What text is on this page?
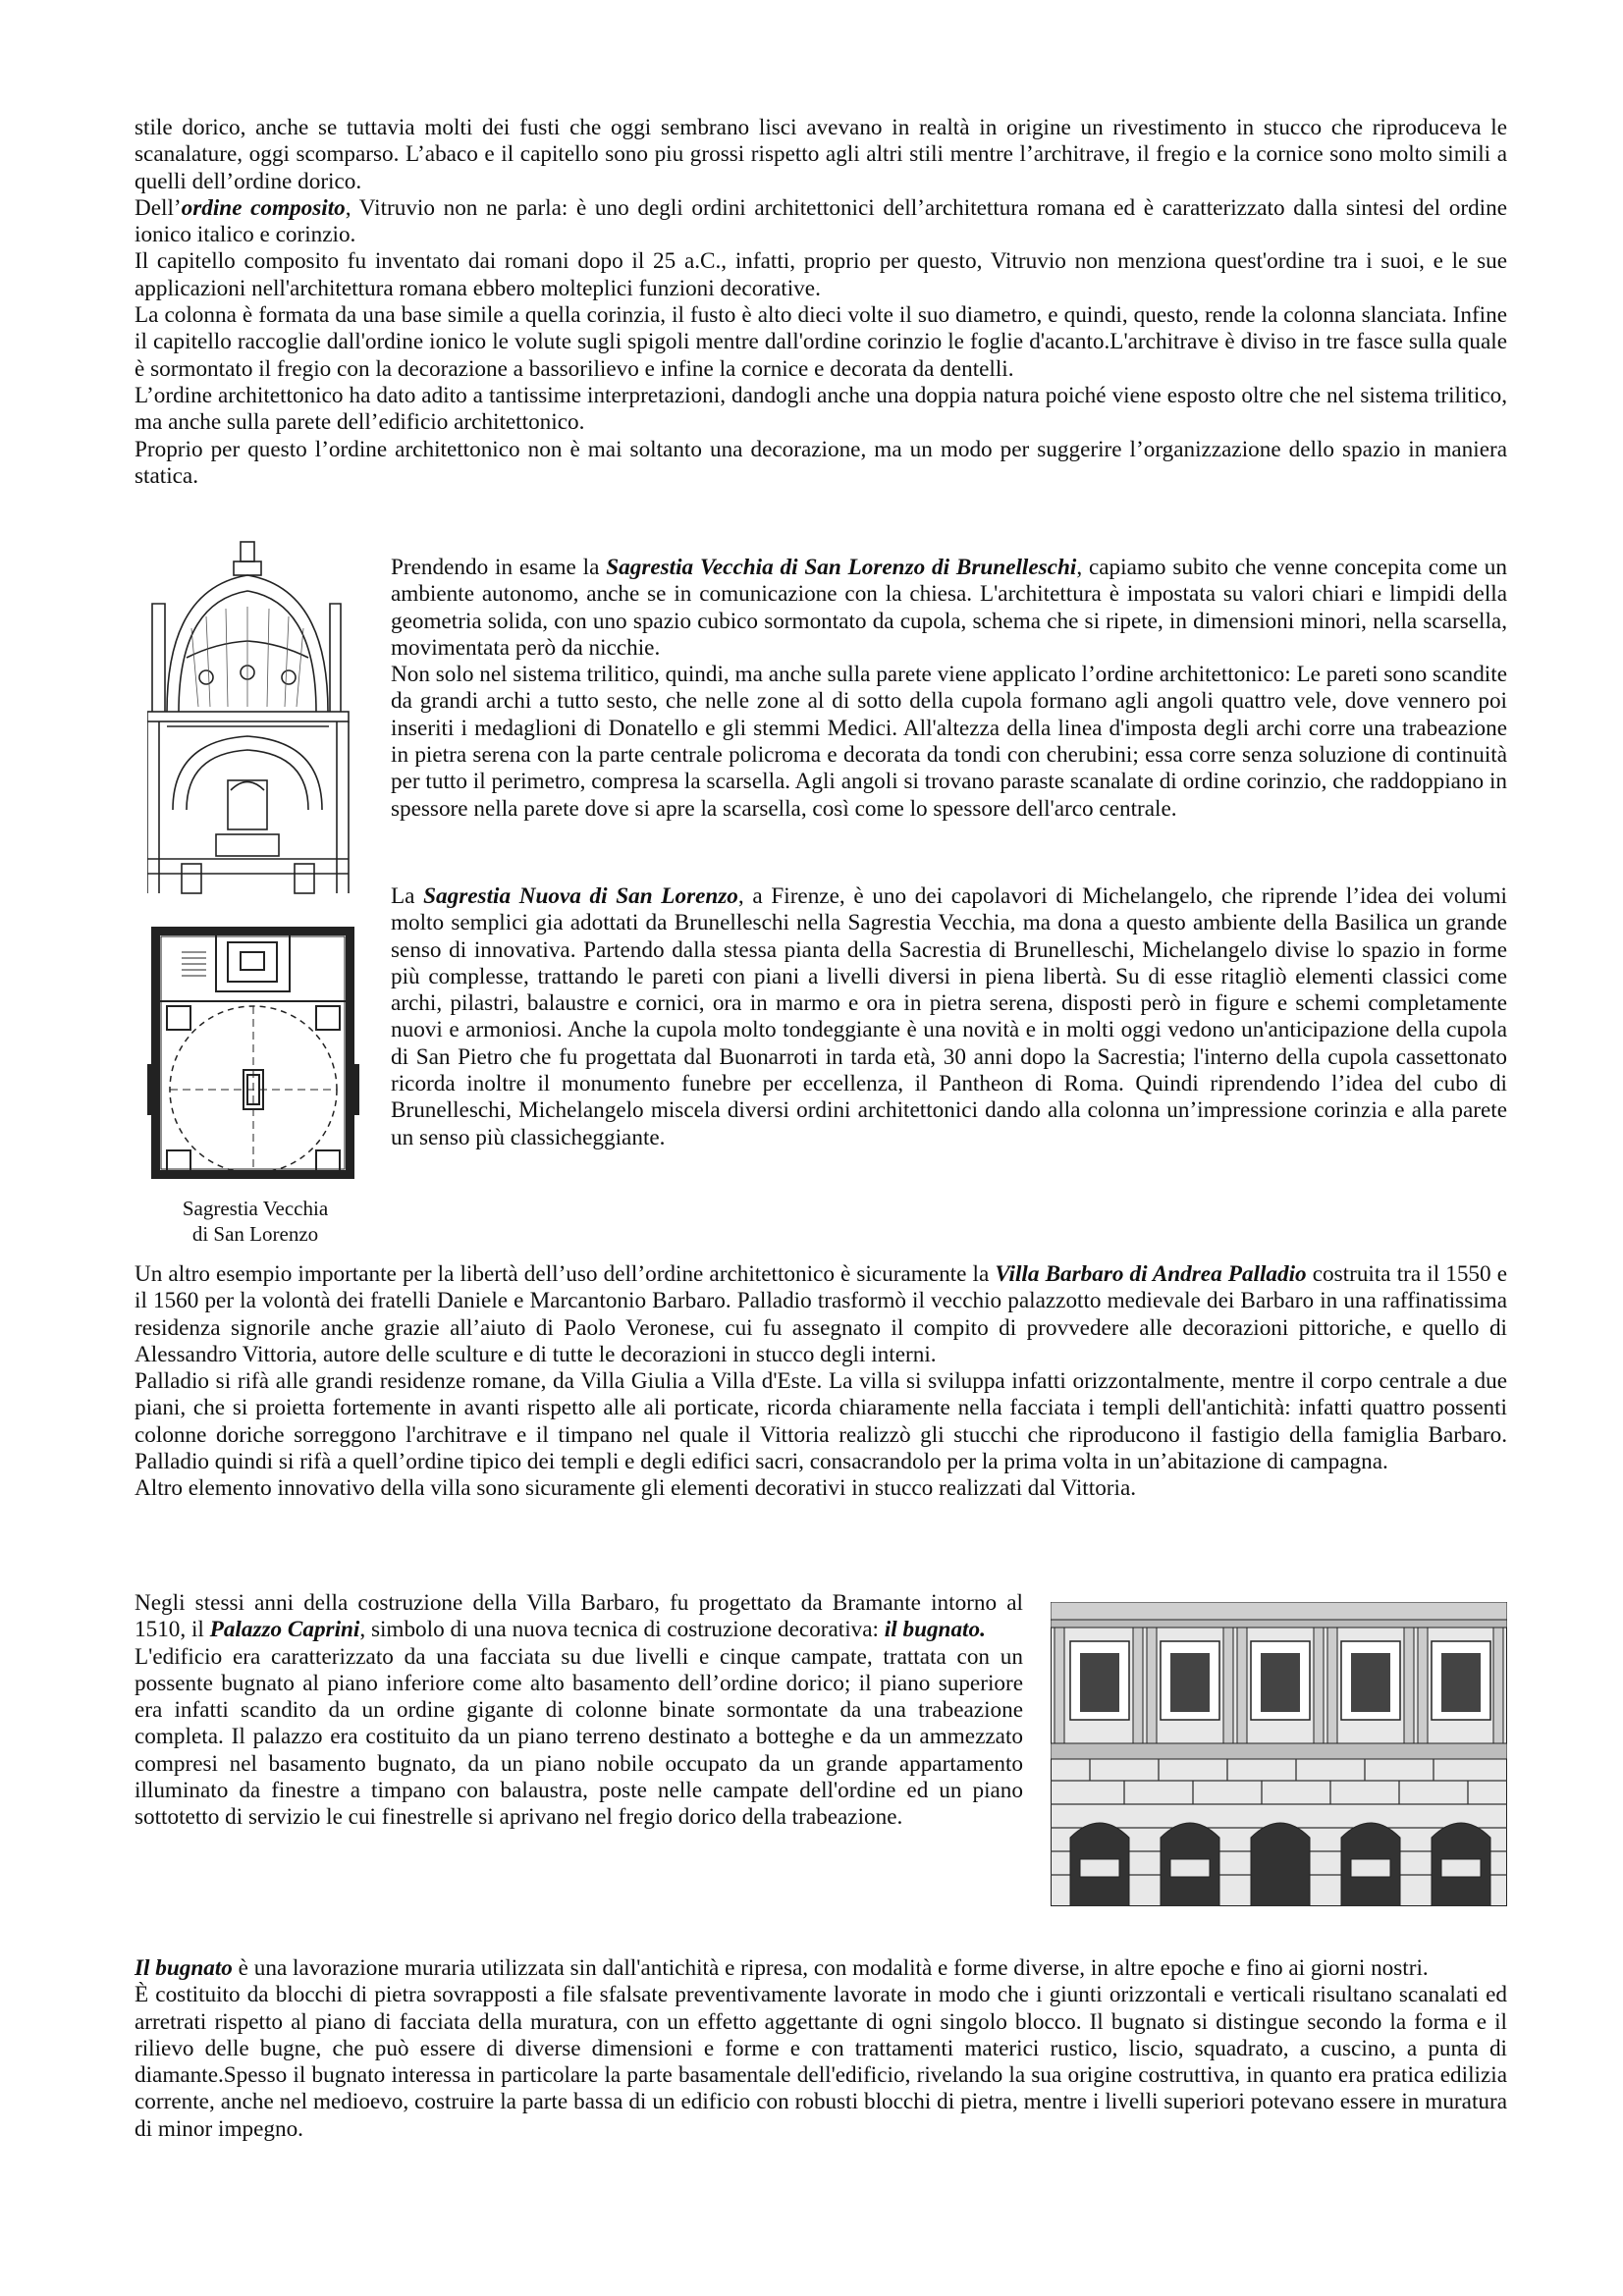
stile dorico, anche se tuttavia molti dei fusti che oggi sembrano lisci avevano in realtà in origine un rivestimento in stucco che riproduceva le scanalature, oggi scomparso. L’abaco e il capitello sono piu grossi rispetto agli altri stili mentre l’architrave, il fregio e la cornice sono molto simili a quelli dell’ordine dorico.

Dell’ordine composito, Vitruvio non ne parla: è uno degli ordini architettonici dell’architettura romana ed è caratterizzato dalla sintesi del ordine ionico italico e corinzio.

Il capitello composito fu inventato dai romani dopo il 25 a.C., infatti, proprio per questo, Vitruvio non menziona quest'ordine tra i suoi, e le sue applicazioni nell'architettura romana ebbero molteplici funzioni decorative.

La colonna è formata da una base simile a quella corinzia, il fusto è alto dieci volte il suo diametro, e quindi, questo, rende la colonna slanciata. Infine il capitello raccoglie dall'ordine ionico le volute sugli spigoli mentre dall'ordine corinzio le foglie d'acanto.L'architrave è diviso in tre fasce sulla quale è sormontato il fregio con la decorazione a bassorilievo e infine la cornice e decorata da dentelli.

L’ordine architettonico ha dato adito a tantissime interpretazioni, dandogli anche una doppia natura poiché viene esposto oltre che nel sistema trilitico, ma anche sulla parete dell’edificio architettonico.

Proprio per questo l’ordine architettonico non è mai soltanto una decorazione, ma un modo per suggerire l’organizzazione dello spazio in maniera statica.

Sagrestia Vecchia
di San Lorenzo

Prendendo in esame la Sagrestia Vecchia di San Lorenzo di Brunelleschi, capiamo subito che venne concepita come un ambiente autonomo, anche se in comunicazione con la chiesa. L'architettura è impostata su valori chiari e limpidi della geometria solida, con uno spazio cubico sormontato da cupola, schema che si ripete, in dimensioni minori, nella scarsella, movimentata però da nicchie.

Non solo nel sistema trilitico, quindi, ma anche sulla parete viene applicato l’ordine architettonico: Le pareti sono scandite da grandi archi a tutto sesto, che nelle zone al di sotto della cupola formano agli angoli quattro vele, dove vennero poi inseriti i medaglioni di Donatello e gli stemmi Medici. All'altezza della linea d'imposta degli archi corre una trabeazione in pietra serena con la parte centrale policroma e decorata da tondi con cherubini; essa corre senza soluzione di continuità per tutto il perimetro, compresa la scarsella. Agli angoli si trovano paraste scanalate di ordine corinzio, che raddoppiano in spessore nella parete dove si apre la scarsella, così come lo spessore dell'arco centrale.

La Sagrestia Nuova di San Lorenzo, a Firenze, è uno dei capolavori di Michelangelo, che riprende l’idea dei volumi molto semplici gia adottati da Brunelleschi nella Sagrestia Vecchia, ma dona a questo ambiente della Basilica un grande senso di innovativa. Partendo dalla stessa pianta della Sacrestia di Brunelleschi, Michelangelo divise lo spazio in forme più complesse, trattando le pareti con piani a livelli diversi in piena libertà. Su di esse ritagliò elementi classici come archi, pilastri, balaustre e cornici, ora in marmo e ora in pietra serena, disposti però in figure e schemi completamente nuovi e armoniosi. Anche la cupola molto tondeggiante è una novità e in molti oggi vedono un'anticipazione della cupola di San Pietro che fu progettata dal Buonarroti in tarda età, 30 anni dopo la Sacrestia; l'interno della cupola cassettonato ricorda inoltre il monumento funebre per eccellenza, il Pantheon di Roma. Quindi riprendendo l’idea del cubo di Brunelleschi, Michelangelo miscela diversi ordini architettonici dando alla colonna un’impressione corinzia e alla parete un senso più classicheggiante.

Un altro esempio importante per la libertà dell’uso dell’ordine architettonico è sicuramente la Villa Barbaro di Andrea Palladio costruita tra il 1550 e il 1560 per la volontà dei fratelli Daniele e Marcantonio Barbaro. Palladio trasformò il vecchio palazzotto medievale dei Barbaro in una raffinatissima residenza signorile anche grazie all’aiuto di Paolo Veronese, cui fu assegnato il compito di provvedere alle decorazioni pittoriche, e quello di Alessandro Vittoria, autore delle sculture e di tutte le decorazioni in stucco degli interni.

Palladio si rifà alle grandi residenze romane, da Villa Giulia a Villa d'Este. La villa si sviluppa infatti orizzontalmente, mentre il corpo centrale a due piani, che si proietta fortemente in avanti rispetto alle ali porticate, ricorda chiaramente nella facciata i templi dell'antichità: infatti quattro possenti colonne doriche sorreggono l'architrave e il timpano nel quale il Vittoria realizzò gli stucchi che riproducono il fastigio della famiglia Barbaro. Palladio quindi si rifà a quell’ordine tipico dei templi e degli edifici sacri, consacrandolo per la prima volta in un’abitazione di campagna.

Altro elemento innovativo della villa sono sicuramente gli elementi decorativi in stucco realizzati dal Vittoria.

Negli stessi anni della costruzione della Villa Barbaro, fu progettato da Bramante intorno al 1510, il Palazzo Caprini, simbolo di una nuova tecnica di costruzione decorativa: il bugnato.

L'edificio era caratterizzato da una facciata su due livelli e cinque campate, trattata con un possente bugnato al piano inferiore come alto basamento dell’ordine dorico; il piano superiore era infatti scandito da un ordine gigante di colonne binate sormontate da una trabeazione completa. Il palazzo era costituito da un piano terreno destinato a botteghe e da un ammezzato compresi nel basamento bugnato, da un piano nobile occupato da un grande appartamento illuminato da finestre a timpano con balaustra, poste nelle campate dell'ordine ed un piano sottotetto di servizio le cui finestrelle si aprivano nel fregio dorico della trabeazione.

Il bugnato è una lavorazione muraria utilizzata sin dall'antichità e ripresa, con modalità e forme diverse, in altre epoche e fino ai giorni nostri.

È costituito da blocchi di pietra sovrapposti a file sfalsate preventivamente lavorate in modo che i giunti orizzontali e verticali risultano scanalati ed arretrati rispetto al piano di facciata della muratura, con un effetto aggettante di ogni singolo blocco. Il bugnato si distingue secondo la forma e il rilievo delle bugne, che può essere di diverse dimensioni e forme e con trattamenti materici rustico, liscio, squadrato, a cuscino, a punta di diamante.Spesso il bugnato interessa in particolare la parte basamentale dell'edificio, rivelando la sua origine costruttiva, in quanto era pratica edilizia corrente, anche nel medioevo, costruire la parte bassa di un edificio con robusti blocchi di pietra, mentre i livelli superiori potevano essere in muratura di minor impegno.
